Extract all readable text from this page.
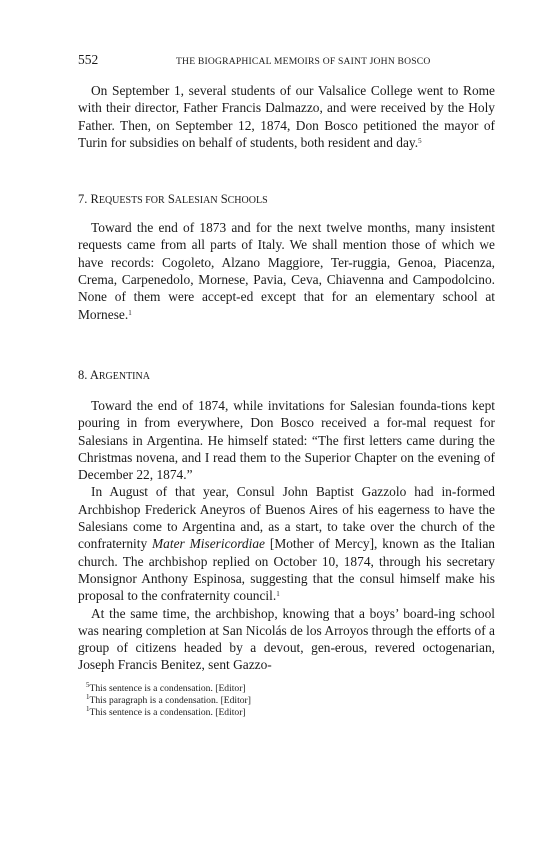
552	THE BIOGRAPHICAL MEMOIRS OF SAINT JOHN BOSCO

On September 1, several students of our Valsalice College went to Rome with their director, Father Francis Dalmazzo, and were received by the Holy Father. Then, on September 12, 1874, Don Bosco petitioned the mayor of Turin for subsidies on behalf of students, both resident and day.$^5$

7. REQUESTS FOR SALESIAN SCHOOLS

Toward the end of 1873 and for the next twelve months, many insistent requests came from all parts of Italy. We shall mention those of which we have records: Cogoleto, Alzano Maggiore, Ter-ruggia, Genoa, Piacenza, Crema, Carpenedolo, Mornese, Pavia, Ceva, Chiavenna and Campodolcino. None of them were accept-ed except that for an elementary school at Mornese.$^1$

8. ARGENTINA

Toward the end of 1874, while invitations for Salesian founda-tions kept pouring in from everywhere, Don Bosco received a for-mal request for Salesians in Argentina. He himself stated: “The first letters came during the Christmas novena, and I read them to the Superior Chapter on the evening of December 22, 1874.”

In August of that year, Consul John Baptist Gazzolo had in-formed Archbishop Frederick Aneyros of Buenos Aires of his eagerness to have the Salesians come to Argentina and, as a start, to take over the church of the confraternity Mater Misericordiae [Mother of Mercy], known as the Italian church. The archbishop replied on October 10, 1874, through his secretary Monsignor Anthony Espinosa, suggesting that the consul himself make his proposal to the confraternity council.$^1$

At the same time, the archbishop, knowing that a boys’ board-ing school was nearing completion at San Nicolás de los Arroyos through the efforts of a group of citizens headed by a devout, gen-erous, revered octogenarian, Joseph Francis Benitez, sent Gazzo-

$^5$This sentence is a condensation. [Editor]

$^1$This paragraph is a condensation. [Editor]

$^1$This sentence is a condensation. [Editor]
